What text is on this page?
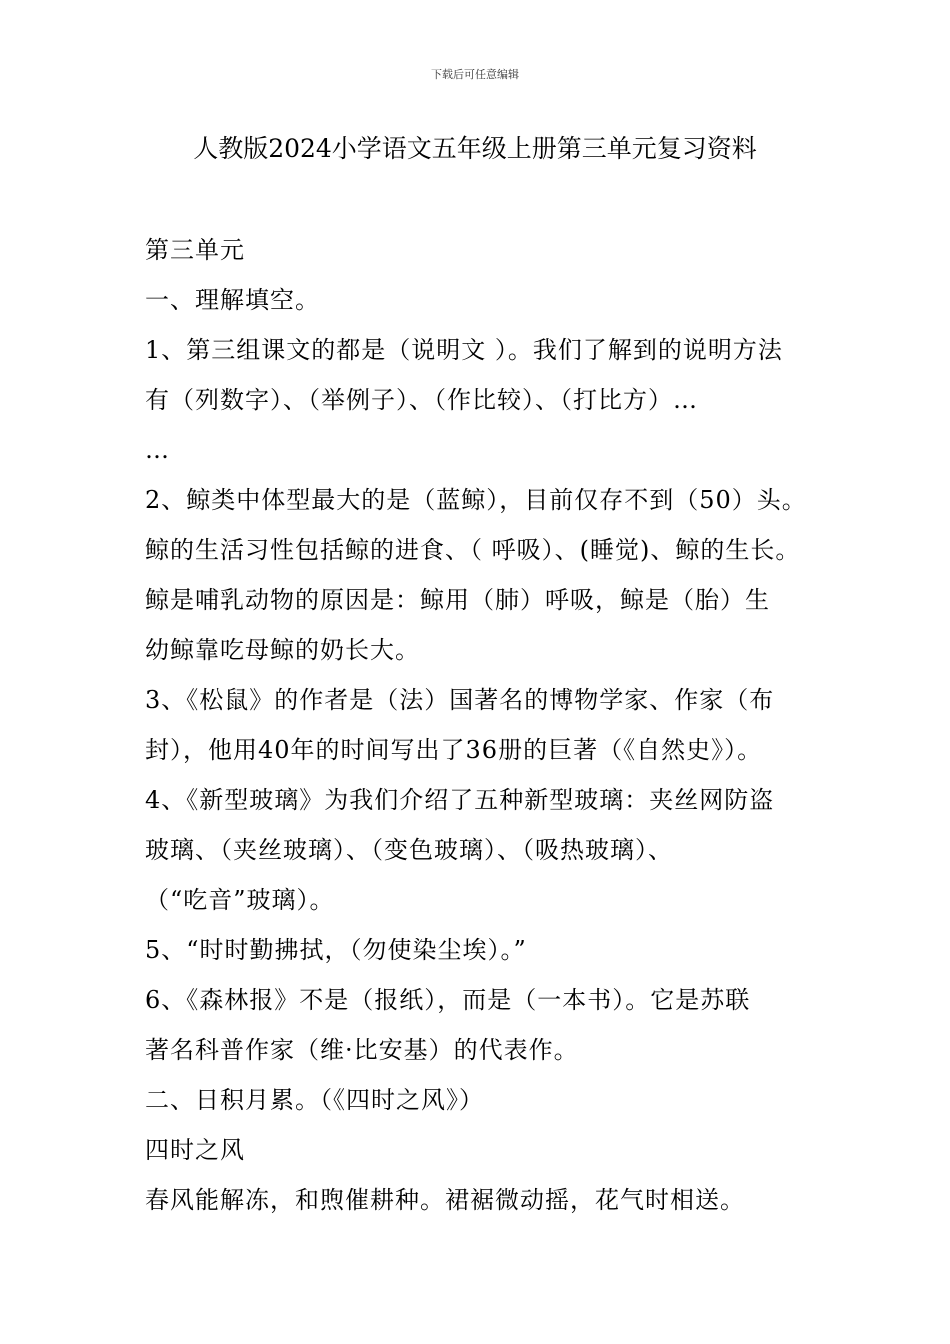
下载后可任意编辑
人教版2024小学语文五年级上册第三单元复习资料
第三单元
一、理解填空。
1、第三组课文的都是（说明文 ）。我们了解到的说明方法
有（列数字）、（举例子）、（作比较）、（打比方）…
…
2、鲸类中体型最大的是（蓝鲸），目前仅存不到（50）头。
鲸的生活习性包括鲸的进食、（ 呼吸）、(睡觉)、鲸的生长。
鲸是哺乳动物的原因是：鲸用（肺）呼吸，鲸是（胎）生
幼鲸靠吃母鲸的奶长大。
3、《松鼠》的作者是（法）国著名的博物学家、作家（布
封），他用40年的时间写出了36册的巨著（《自然史》）。
4、《新型玻璃》为我们介绍了五种新型玻璃：夹丝网防盗
玻璃、（夹丝玻璃）、（变色玻璃）、（吸热玻璃）、
（“吃音”玻璃）。
5、“时时勤拂拭，（勿使染尘埃）。”
6、《森林报》不是（报纸），而是（一本书）。它是苏联
著名科普作家（维·比安基）的代表作。
二、日积月累。（《四时之风》）
四时之风
春风能解冻，和煦催耕种。裙裾微动摇，花气时相送。
